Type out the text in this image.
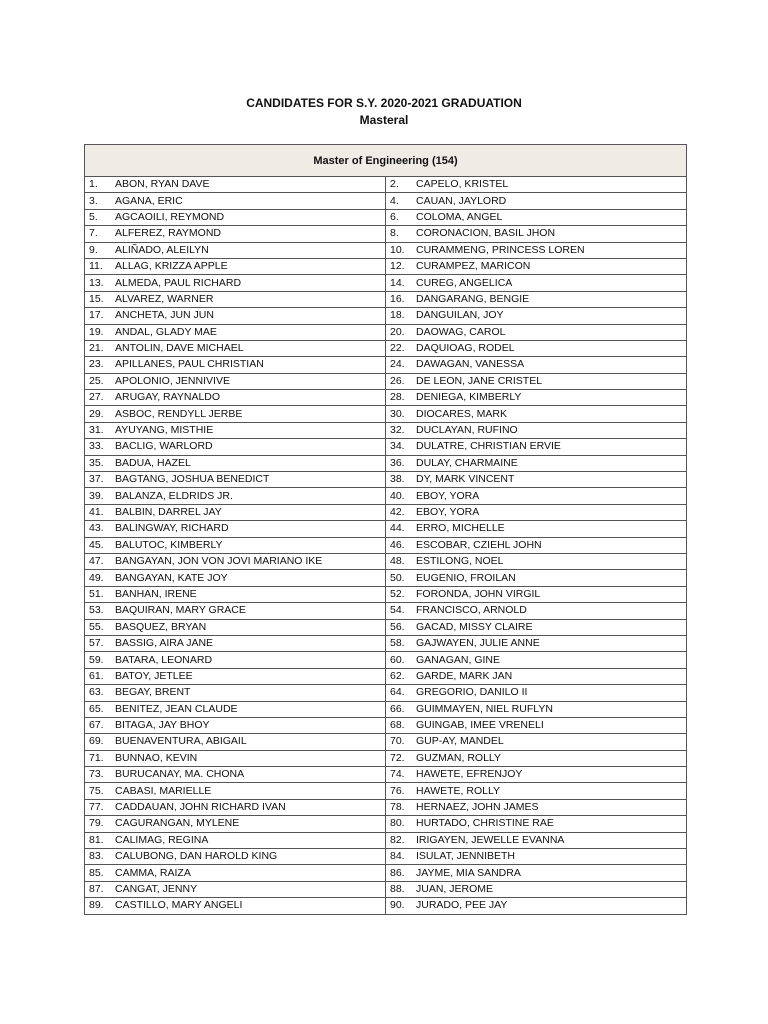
CANDIDATES FOR S.Y. 2020-2021 GRADUATION
Masteral
Master of Engineering (154)	
1. ABON, RYAN DAVE	2. CAPELO, KRISTEL
3. AGANA, ERIC	4. CAUAN, JAYLORD
5. AGCAOILI, REYMOND	6. COLOMA, ANGEL
7. ALFEREZ, RAYMOND	8. CORONACION, BASIL JHON
9. ALIÑADO, ALEILYN	10. CURAMMENG, PRINCESS LOREN
11. ALLAG, KRIZZA APPLE	12. CURAMPEZ, MARICON
13. ALMEDA, PAUL RICHARD	14. CUREG, ANGELICA
15. ALVAREZ, WARNER	16. DANGARANG, BENGIE
17. ANCHETA, JUN JUN	18. DANGUILAN, JOY
19. ANDAL, GLADY MAE	20. DAOWAG, CAROL
21. ANTOLIN, DAVE MICHAEL	22. DAQUIOAG, RODEL
23. APILLANES, PAUL CHRISTIAN	24. DAWAGAN, VANESSA
25. APOLONIO, JENNIVIVE	26. DE LEON, JANE CRISTEL
27. ARUGAY, RAYNALDO	28. DENIEGA, KIMBERLY
29. ASBOC, RENDYLL JERBE	30. DIOCARES, MARK
31. AYUYANG, MISTHIE	32. DUCLAYAN, RUFINO
33. BACLIG, WARLORD	34. DULATRE, CHRISTIAN ERVIE
35. BADUA, HAZEL	36. DULAY, CHARMAINE
37. BAGTANG, JOSHUA BENEDICT	38. DY, MARK VINCENT
39. BALANZA, ELDRIDS JR.	40. EBOY, YORA
41. BALBIN, DARREL JAY	42. EBOY, YORA
43. BALINGWAY, RICHARD	44. ERRO, MICHELLE
45. BALUTOC, KIMBERLY	46. ESCOBAR, CZIEHL JOHN
47. BANGAYAN, JON VON JOVI MARIANO IKE	48. ESTILONG, NOEL
49. BANGAYAN, KATE JOY	50. EUGENIO, FROILAN
51. BANHAN, IRENE	52. FORONDA, JOHN VIRGIL
53. BAQUIRAN, MARY GRACE	54. FRANCISCO, ARNOLD
55. BASQUEZ, BRYAN	56. GACAD, MISSY CLAIRE
57. BASSIG, AIRA JANE	58. GAJWAYEN, JULIE ANNE
59. BATARA, LEONARD	60. GANAGAN, GINE
61. BATOY, JETLEE	62. GARDE, MARK JAN
63. BEGAY, BRENT	64. GREGORIO, DANILO II
65. BENITEZ, JEAN CLAUDE	66. GUIMMAYEN, NIEL RUFLYN
67. BITAGA, JAY BHOY	68. GUINGAB, IMEE VRENELI
69. BUENAVENTURA, ABIGAIL	70. GUP-AY, MANDEL
71. BUNNAO, KEVIN	72. GUZMAN, ROLLY
73. BURUCANAY, MA. CHONA	74. HAWETE, EFRENJOY
75. CABASI, MARIELLE	76. HAWETE, ROLLY
77. CADDAUAN, JOHN RICHARD IVAN	78. HERNAEZ, JOHN JAMES
79. CAGURANGAN, MYLENE	80. HURTADO, CHRISTINE RAE
81. CALIMAG, REGINA	82. IRIGAYEN, JEWELLE EVANNA
83. CALUBONG, DAN HAROLD KING	84. ISULAT, JENNIBETH
85. CAMMA, RAIZA	86. JAYME, MIA SANDRA
87. CANGAT, JENNY	88. JUAN, JEROME
89. CASTILLO, MARY ANGELI	90. JURADO, PEE JAY
